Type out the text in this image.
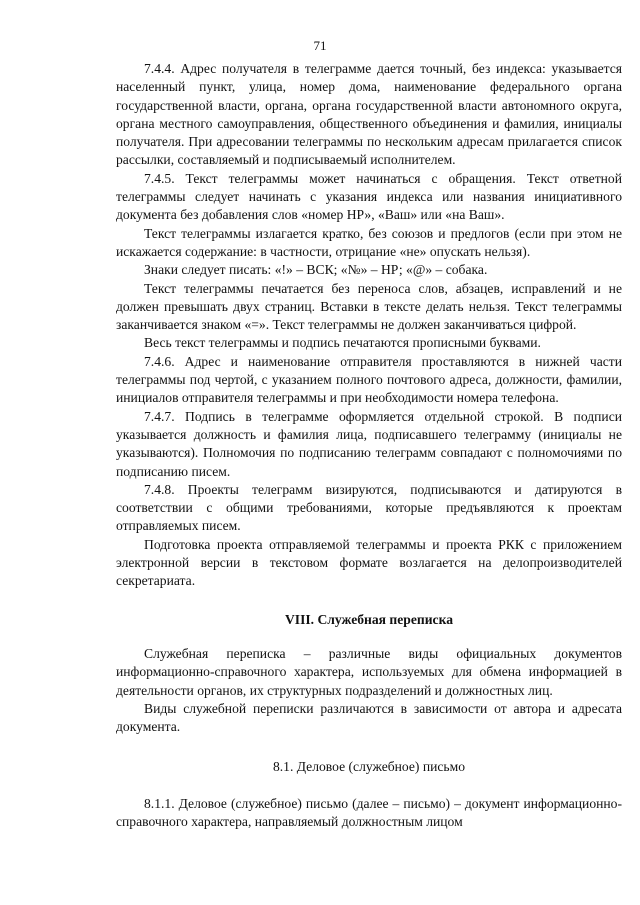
71

7.4.4. Адрес получателя в телеграмме дается точный, без индекса: указывается населенный пункт, улица, номер дома, наименование федерального органа государственной власти, органа, органа государственной власти автономного округа, органа местного самоуправления, общественного объединения и фамилия, инициалы получателя. При адресовании телеграммы по нескольким адресам прилагается список рассылки, составляемый и подписываемый исполнителем.

7.4.5. Текст телеграммы может начинаться с обращения. Текст ответной телеграммы следует начинать с указания индекса или названия инициативного документа без добавления слов «номер НР», «Ваш» или «на Ваш».

Текст телеграммы излагается кратко, без союзов и предлогов (если при этом не искажается содержание: в частности, отрицание «не» опускать нельзя).

Знаки следует писать: «!» – ВСК; «№» – НР; «@» – собака.

Текст телеграммы печатается без переноса слов, абзацев, исправлений и не должен превышать двух страниц. Вставки в тексте делать нельзя. Текст телеграммы заканчивается знаком «=». Текст телеграммы не должен заканчиваться цифрой.

Весь текст телеграммы и подпись печатаются прописными буквами.

7.4.6. Адрес и наименование отправителя проставляются в нижней части телеграммы под чертой, с указанием полного почтового адреса, должности, фамилии, инициалов отправителя телеграммы и при необходимости номера телефона.

7.4.7. Подпись в телеграмме оформляется отдельной строкой. В подписи указывается должность и фамилия лица, подписавшего телеграмму (инициалы не указываются). Полномочия по подписанию телеграмм совпадают с полномочиями по подписанию писем.

7.4.8. Проекты телеграмм визируются, подписываются и датируются в соответствии с общими требованиями, которые предъявляются к проектам отправляемых писем.

Подготовка проекта отправляемой телеграммы и проекта РКК с приложением электронной версии в текстовом формате возлагается на делопроизводителей секретариата.

VIII. Служебная переписка

Служебная переписка – различные виды официальных документов информационно-справочного характера, используемых для обмена информацией в деятельности органов, их структурных подразделений и должностных лиц.

Виды служебной переписки различаются в зависимости от автора и адресата документа.

8.1. Деловое (служебное) письмо

8.1.1. Деловое (служебное) письмо (далее – письмо) – документ информационно-справочного характера, направляемый должностным лицом
